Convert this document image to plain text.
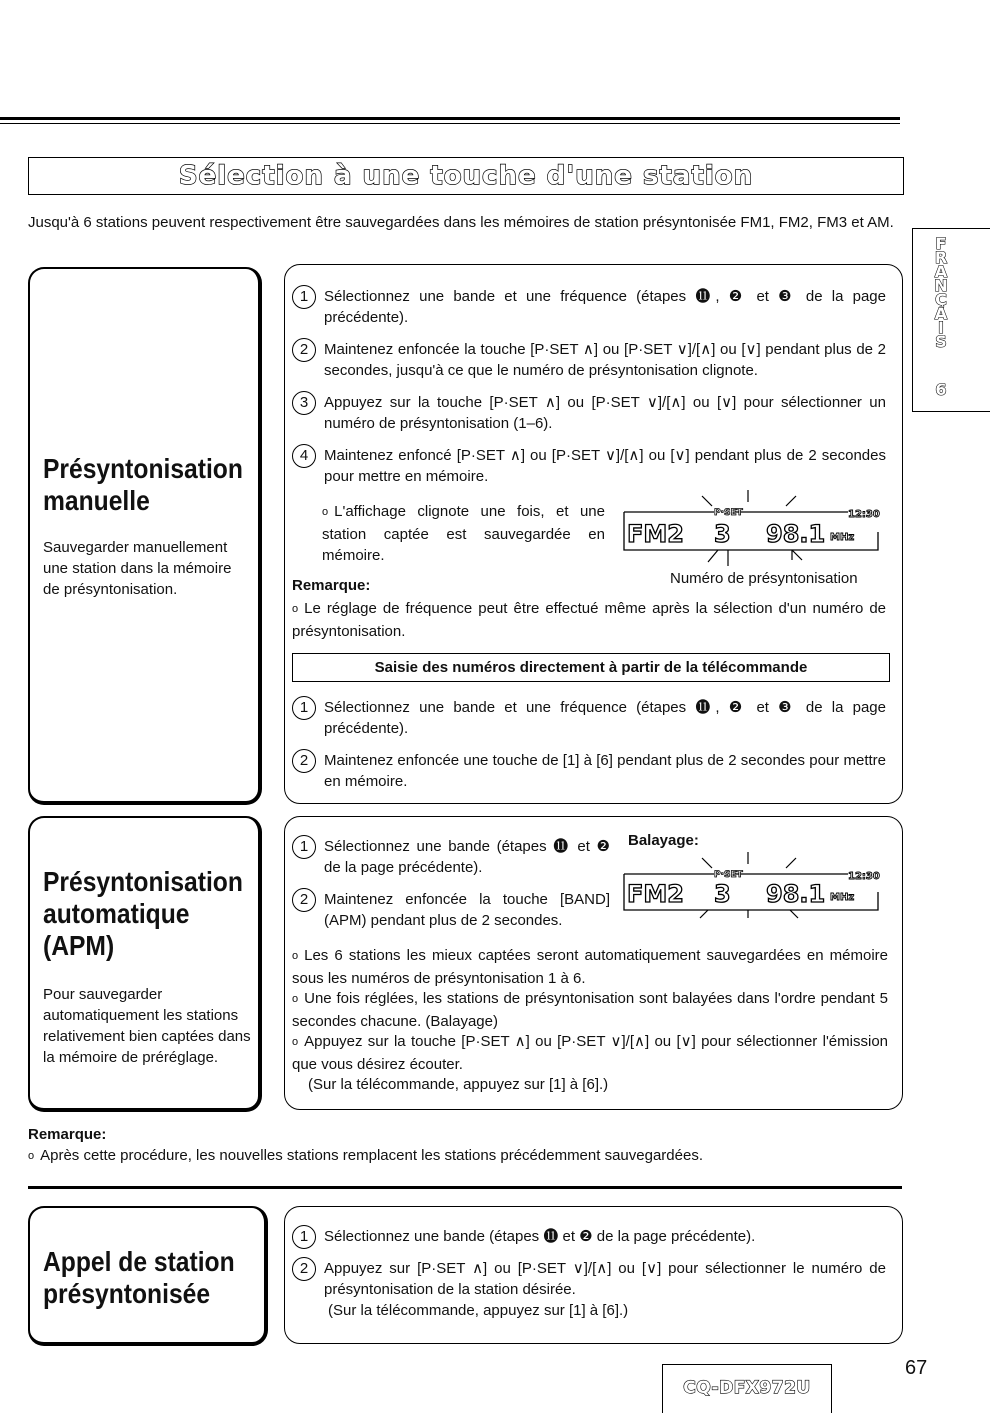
Sélection à une touche d'une station
Jusqu'à 6 stations peuvent respectivement être sauvegardées dans les mémoires de station présyntonisée FM1, FM2, FM3 et AM.
F
R
A
N
Ç
A
I
S
6
Présyntonisation
manuelle
Sauvegarder manuellement une station dans la mémoire de présyntonisation.
1	Sélectionnez une bande et une fréquence (étapes ⓫, ❷ et ❸ de la page précédente).
2	Maintenez enfoncée la touche [P·SET ∧] ou [P·SET ∨]/[∧] ou [∨] pendant plus de 2 secondes, jusqu'à ce que le numéro de présyntonisation clignote.
3	Appuyez sur la touche [P·SET ∧] ou [P·SET ∨]/[∧] ou [∨] pour sélectionner un numéro de présyntonisation (1–6).
4	Maintenez enfoncé [P·SET ∧] ou [P·SET ∨]/[∧] ou [∨] pendant plus de 2 secondes pour mettre en mémoire.
o L'affichage clignote une fois, et une station captée est sauvegardée en mémoire.
FM2
P·SET
3 98.1 MHz
12:30
Numéro de présyntonisation
Remarque:
o Le réglage de fréquence peut être effectué même après la sélection d'un numéro de présyntonisation.
Saisie des numéros directement à partir de la télécommande
1	Sélectionnez une bande et une fréquence (étapes ⓫, ❷ et ❸ de la page précédente).
2	Maintenez enfoncée une touche de [1] à [6] pendant plus de 2 secondes pour mettre en mémoire.
Présyntonisation
automatique
(APM)
Pour sauvegarder automatiquement les stations relativement bien captées dans la mémoire de préréglage.
1	Sélectionnez une bande (étapes ⓫ et ❷ de la page précédente).
2	Maintenez enfoncée la touche [BAND] (APM) pendant plus de 2 secondes.
Balayage:
FM2
P·SET
3 98.1 MHz
12:30
o Les 6 stations les mieux captées seront automatiquement sauvegardées en mémoire sous les numéros de présyntonisation 1 à 6.
o Une fois réglées, les stations de présyntonisation sont balayées dans l'ordre pendant 5 secondes chacune. (Balayage)
o Appuyez sur la touche [P·SET ∧] ou [P·SET ∨]/[∧] ou [∨] pour sélectionner l'émission que vous désirez écouter.
(Sur la télécommande, appuyez sur [1] à [6].)
Remarque:
o Après cette procédure, les nouvelles stations remplacent les stations précédemment sauvegardées.
Appel de station
présyntonisée
1	Sélectionnez une bande (étapes ⓫ et ❷ de la page précédente).
2	Appuyez sur [P·SET ∧] ou [P·SET ∨]/[∧] ou [∨] pour sélectionner le numéro de présyntonisation de la station désirée.
(Sur la télécommande, appuyez sur [1] à [6].)
CQ-DFX972U
67
